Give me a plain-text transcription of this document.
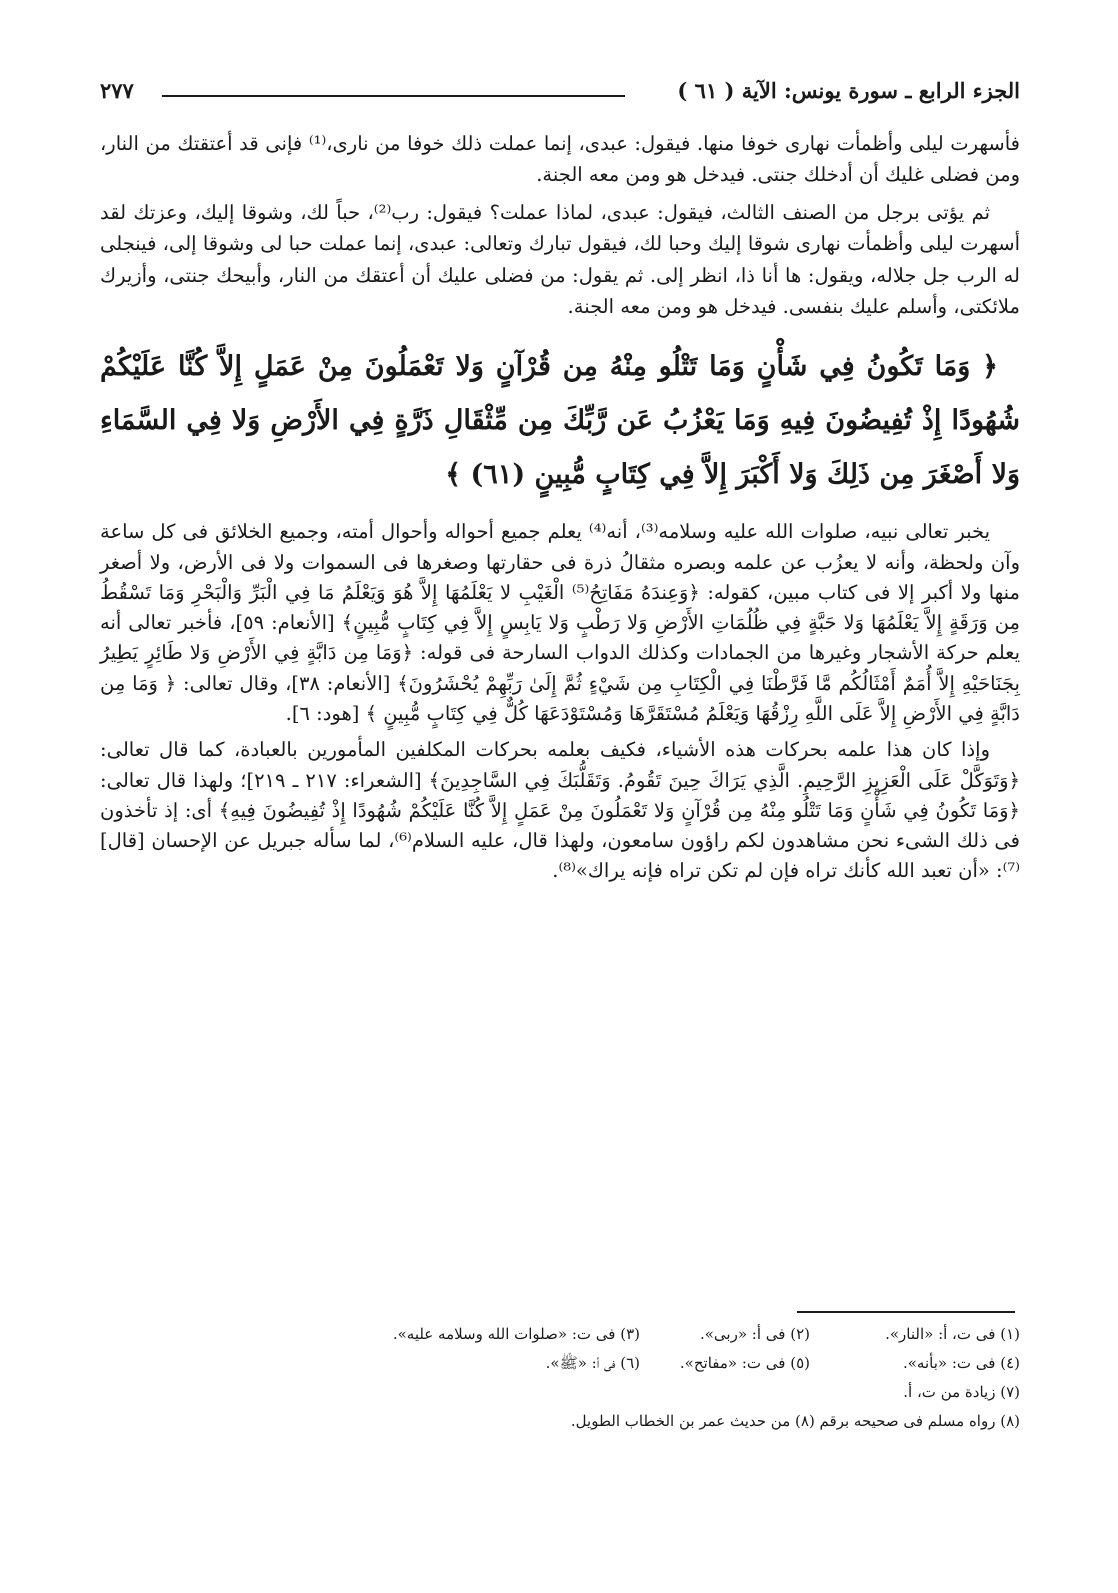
الجزء الرابع ـ سورة يونس: الآية ( ٦١ )
٢٧٧

فأسهرت ليلى وأظمأت نهارى خوفا منها. فيقول: عبدى، إنما عملت ذلك خوفا من نارى،⁽¹⁾ فإنى قد أعتقتك من النار، ومن فضلى غليك أن أدخلك جنتى. فيدخل هو ومن معه الجنة.

ثم يؤتى برجل من الصنف الثالث، فيقول: عبدى، لماذا عملت؟ فيقول: رب⁽²⁾، حباً لك، وشوقا إليك، وعزتك لقد أسهرت ليلى وأظمأت نهارى شوقا إليك وحبا لك، فيقول تبارك وتعالى: عبدى، إنما عملت حبا لى وشوقا إلى، فينجلى له الرب جل جلاله، ويقول: ها أنا ذا، انظر إلى. ثم يقول: من فضلى عليك أن أعتقك من النار، وأبيحك جنتى، وأزيرك ملائكتى، وأسلم عليك بنفسى. فيدخل هو ومن معه الجنة.

﴿ وَمَا تَكُونُ فِي شَأْنٍ وَمَا تَتْلُو مِنْهُ مِن قُرْآنٍ وَلا تَعْمَلُونَ مِنْ عَمَلٍ إِلاَّ كُنَّا عَلَيْكُمْ شُهُودًا إِذْ تُفِيضُونَ فِيهِ وَمَا يَعْزُبُ عَن رَّبِّكَ مِن مِّثْقَالِ ذَرَّةٍ فِي الأَرْضِ وَلا فِي السَّمَاءِ وَلا أَصْغَرَ مِن ذَلِكَ وَلا أَكْبَرَ إِلاَّ فِي كِتَابٍ مُّبِينٍ (٦١) ﴾

يخبر تعالى نبيه، صلوات الله عليه وسلامه⁽³⁾، أنه⁽⁴⁾ يعلم جميع أحواله وأحوال أمته، وجميع الخلائق فى كل ساعة وآن ولحظة، وأنه لا يعزُب عن علمه وبصره مثقالُ ذرة فى حقارتها وصغرها فى السموات ولا فى الأرض، ولا أصغر منها ولا أكبر إلا فى كتاب مبين، كقوله: ﴿وَعِندَهُ مَفَاتِحُ⁽⁵⁾ الْغَيْبِ لا يَعْلَمُهَا إِلاَّ هُوَ وَيَعْلَمُ مَا فِي الْبَرِّ وَالْبَحْرِ وَمَا تَسْقُطُ مِن وَرَقَةٍ إِلاَّ يَعْلَمُهَا وَلا حَبَّةٍ فِي ظُلُمَاتِ الأَرْضِ وَلا رَطْبٍ وَلا يَابِسٍ إِلاَّ فِي كِتَابٍ مُّبِينٍ﴾ [الأنعام: ٥٩]، فأخبر تعالى أنه يعلم حركة الأشجار وغيرها من الجمادات وكذلك الدواب السارحة فى قوله: ﴿وَمَا مِن دَابَّةٍ فِي الأَرْضِ وَلا طَائِرٍ يَطِيرُ بِجَنَاحَيْهِ إِلاَّ أُمَمٌ أَمْثَالُكُم مَّا فَرَّطْنَا فِي الْكِتَابِ مِن شَيْءٍ ثُمَّ إِلَىٰ رَبِّهِمْ يُحْشَرُونَ﴾ [الأنعام: ٣٨]، وقال تعالى: ﴿ وَمَا مِن دَابَّةٍ فِي الأَرْضِ إِلاَّ عَلَى اللَّهِ رِزْقُهَا وَيَعْلَمُ مُسْتَقَرَّهَا وَمُسْتَوْدَعَهَا كُلٌّ فِي كِتَابٍ مُّبِينٍ ﴾ [هود: ٦].

وإذا كان هذا علمه بحركات هذه الأشياء، فكيف بعلمه بحركات المكلفين المأمورين بالعبادة، كما قال تعالى: ﴿وَتَوَكَّلْ عَلَى الْعَزِيزِ الرَّحِيمِ. الَّذِي يَرَاكَ حِينَ تَقُومُ. وَتَقَلُّبَكَ فِي السَّاجِدِينَ﴾ [الشعراء: ٢١٧ ـ ٢١٩]؛ ولهذا قال تعالى: ﴿وَمَا تَكُونُ فِي شَأْنٍ وَمَا تَتْلُو مِنْهُ مِن قُرْآنٍ وَلا تَعْمَلُونَ مِنْ عَمَلٍ إِلاَّ كُنَّا عَلَيْكُمْ شُهُودًا إِذْ تُفِيضُونَ فِيهِ﴾ أى: إذ تأخذون فى ذلك الشىء نحن مشاهدون لكم راؤون سامعون، ولهذا قال، عليه السلام⁽⁶⁾، لما سأله جبريل عن الإحسان [قال]⁽⁷⁾: «أن تعبد الله كأنك تراه فإن لم تكن تراه فإنه يراك»⁽⁸⁾.

(١) فى ت، أ: «النار».
(٢) فى أ: «ربى».
(٣) فى ت: «صلوات الله وسلامه عليه».
(٤) فى ت: «بأنه».
(٥) فى ت: «مفاتح».
(٦) فى أ: «ﷺ».
(٧) زيادة من ت، أ.
(٨) رواه مسلم فى صحيحه برقم (٨) من حديث عمر بن الخطاب الطويل.
